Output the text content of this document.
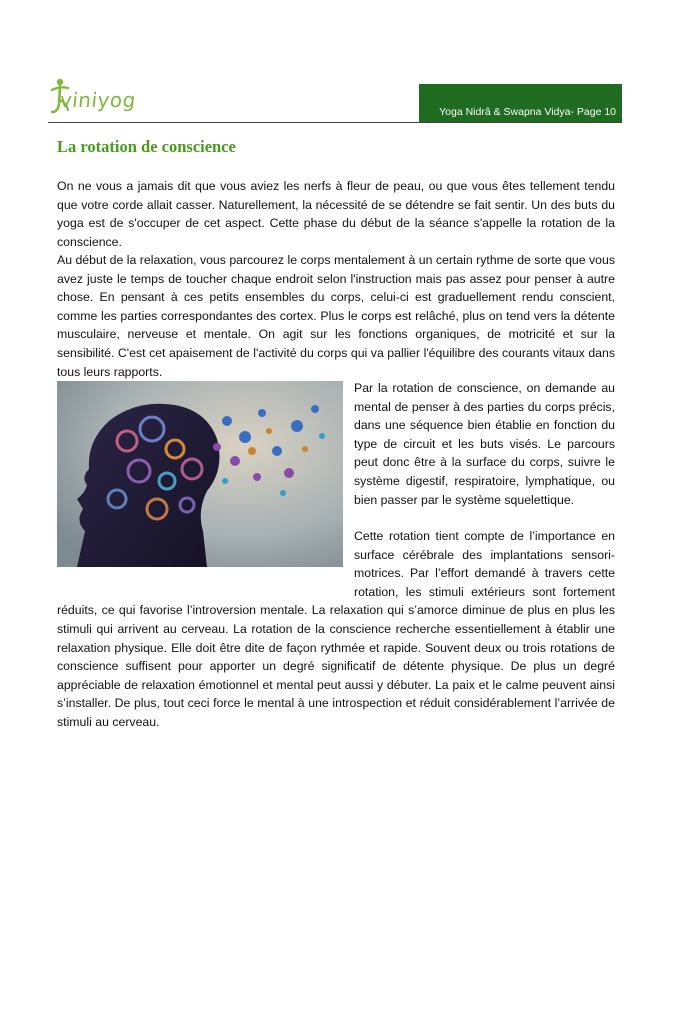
viniyog	Yoga Nidrâ & Swapna Vidya- Page 10
La rotation de conscience

On ne vous a jamais dit que vous aviez les nerfs à fleur de peau, ou que vous êtes tellement tendu que votre corde allait casser. Naturellement, la nécessité de se détendre se fait sentir. Un des buts du yoga est de s'occuper de cet aspect. Cette phase du début de la séance s'appelle la rotation de la conscience.

Au début de la relaxation, vous parcourez le corps mentalement à un certain rythme de sorte que vous avez juste le temps de toucher chaque endroit selon l'instruction mais pas assez pour penser à autre chose. En pensant à ces petits ensembles du corps, celui-ci est graduellement rendu conscient, comme les parties correspondantes des cortex. Plus le corps est relâché, plus on tend vers la détente musculaire, nerveuse et mentale. On agit sur les fonctions organiques, de motricité et sur la sensibilité. C'est cet apaisement de l'activité du corps qui va pallier l'équilibre des courants vitaux dans tous leurs rapports.

Par la rotation de conscience, on demande au mental de penser à des parties du corps précis, dans une séquence bien établie en fonction du type de circuit et les buts visés. Le parcours peut donc être à la surface du corps, suivre le système digestif, respiratoire, lymphatique, ou bien passer par le système squelettique.

Cette rotation tient compte de l’importance en surface cérébrale des implantations sensori-motrices. Par l’effort demandé à travers cette rotation, les stimuli extérieurs sont fortement réduits, ce qui favorise l’introversion mentale. La relaxation qui s’amorce diminue de plus en plus les stimuli qui arrivent au cerveau. La rotation de la conscience recherche essentiellement à établir une relaxation physique. Elle doit être dite de façon rythmée et rapide. Souvent deux ou trois rotations de conscience suffisent pour apporter un degré significatif de détente physique. De plus un degré appréciable de relaxation émotionnel et mental peut aussi y débuter. La paix et le calme peuvent ainsi s’installer. De plus, tout ceci force le mental à une introspection et réduit considérablement l’arrivée de stimuli au cerveau.
